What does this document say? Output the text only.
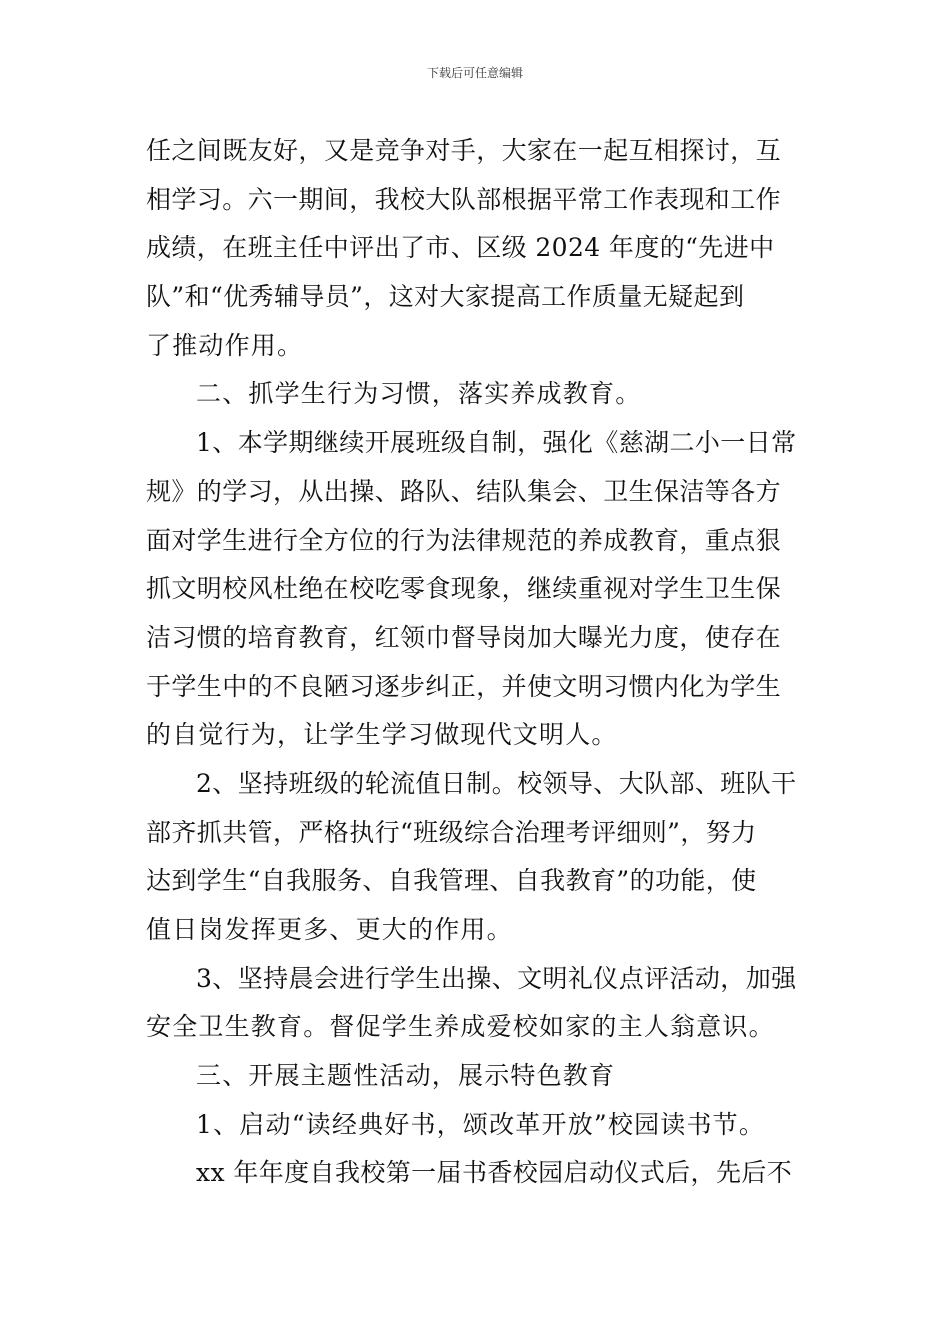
下载后可任意编辑
任之间既友好，又是竞争对手，大家在一起互相探讨，互
相学习。六一期间，我校大队部根据平常工作表现和工作
成绩，在班主任中评出了市、区级 2024 年度的“先进中
队”和“优秀辅导员”，这对大家提高工作质量无疑起到
了推动作用。
二、抓学生行为习惯，落实养成教育。
1、本学期继续开展班级自制，强化《慈湖二小一日常
规》的学习，从出操、路队、结队集会、卫生保洁等各方
面对学生进行全方位的行为法律规范的养成教育，重点狠
抓文明校风杜绝在校吃零食现象，继续重视对学生卫生保
洁习惯的培育教育，红领巾督导岗加大曝光力度，使存在
于学生中的不良陋习逐步纠正，并使文明习惯内化为学生
的自觉行为，让学生学习做现代文明人。
2、坚持班级的轮流值日制。校领导、大队部、班队干
部齐抓共管，严格执行“班级综合治理考评细则”，努力
达到学生“自我服务、自我管理、自我教育”的功能，使
值日岗发挥更多、更大的作用。
3、坚持晨会进行学生出操、文明礼仪点评活动，加强
安全卫生教育。督促学生养成爱校如家的主人翁意识。
三、开展主题性活动，展示特色教育
1、启动“读经典好书，颂改革开放”校园读书节。
xx 年年度自我校第一届书香校园启动仪式后，先后不
